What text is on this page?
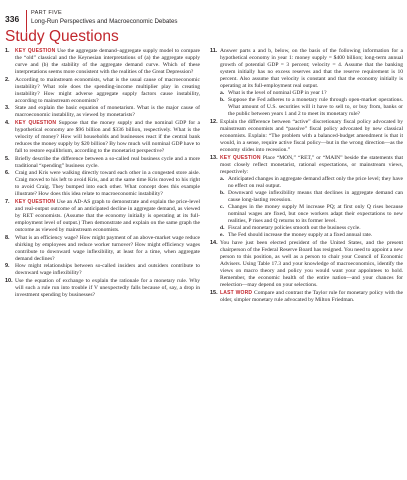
336
PART FIVE
Long-Run Perspectives and Macroeconomic Debates
Study Questions
1. KEY QUESTION Use the aggregate demand–aggregate supply model to compare the “old” classical and the Keynesian interpretations of (a) the aggregate supply curve and (b) the stability of the aggregate demand curve. Which of these interpretations seems more consistent with the realities of the Great Depression?
2. According to mainstream economists, what is the usual cause of macroeconomic instability? What role does the spending-income multiplier play in creating instability? How might adverse aggregate supply factors cause instability, according to mainstream economists?
3. State and explain the basic equation of monetarism. What is the major cause of macroeconomic instability, as viewed by monetarists?
4. KEY QUESTION Suppose that the money supply and the nominal GDP for a hypothetical economy are $96 billion and $336 billion, respectively. What is the velocity of money? How will households and businesses react if the central bank reduces the money supply by $20 billion? By how much will nominal GDP have to fall to restore equilibrium, according to the monetarist perspective?
5. Briefly describe the difference between a so-called real business cycle and a more traditional “spending” business cycle.
6. Craig and Kris were walking directly toward each other in a congested store aisle. Craig moved to his left to avoid Kris, and at the same time Kris moved to his right to avoid Craig. They bumped into each other. What concept does this example illustrate? How does this idea relate to macroeconomic instability?
7. KEY QUESTION Use an AD-AS graph to demonstrate and explain the price-level and real-output outcome of an anticipated decline in aggregate demand, as viewed by RET economists. (Assume that the economy initially is operating at its full-employment level of output.) Then demonstrate and explain on the same graph the outcome as viewed by mainstream economists.
8. What is an efficiency wage? How might payment of an above-market wage reduce shirking by employees and reduce worker turnover? How might efficiency wages contribute to downward wage inflexibility, at least for a time, when aggregate demand declines?
9. How might relationships between so-called insiders and outsiders contribute to downward wage inflexibility?
10. Use the equation of exchange to explain the rationale for a monetary rule. Why will such a rule run into trouble if V unexpectedly falls because of, say, a drop in investment spending by businesses?
11. Answer parts a and b, below, on the basis of the following information for a hypothetical economy in year 1: money supply = $400 billion; long-term annual growth of potential GDP = 3 percent; velocity = 4. Assume that the banking system initially has no excess reserves and that the reserve requirement is 10 percent. Also assume that velocity is constant and that the economy initially is operating at its full-employment real output.
a. What is the level of nominal GDP in year 1?
b. Suppose the Fed adheres to a monetary rule through open-market operations. What amount of U.S. securities will it have to sell to, or buy from, banks or the public between years 1 and 2 to meet its monetary rule?
12. Explain the difference between “active” discretionary fiscal policy advocated by mainstream economists and “passive” fiscal policy advocated by new classical economists. Explain: “The problem with a balanced-budget amendment is that it would, in a sense, require active fiscal policy—but in the wrong direction—as the economy slides into recession.”
13. KEY QUESTION Place “MON,” “RET,” or “MAIN” beside the statements that most closely reflect monetarist, rational expectations, or mainstream views, respectively:
a. Anticipated changes in aggregate demand affect only the price level; they have no effect on real output.
b. Downward wage inflexibility means that declines in aggregate demand can cause long-lasting recession.
c. Changes in the money supply M increase PQ; at first only Q rises because nominal wages are fixed, but once workers adapt their expectations to new realities, P rises and Q returns to its former level.
d. Fiscal and monetary policies smooth out the business cycle.
e. The Fed should increase the money supply at a fixed annual rate.
14. You have just been elected president of the United States, and the present chairperson of the Federal Reserve Board has resigned. You need to appoint a new person to this position, as well as a person to chair your Council of Economic Advisers. Using Table 17.3 and your knowledge of macroeconomics, identify the views on macro theory and policy you would want your appointees to hold. Remember, the economic health of the entire nation—and your chances for reelection—may depend on your selections.
15. LAST WORD Compare and contrast the Taylor rule for monetary policy with the older, simpler monetary rule advocated by Milton Friedman.
